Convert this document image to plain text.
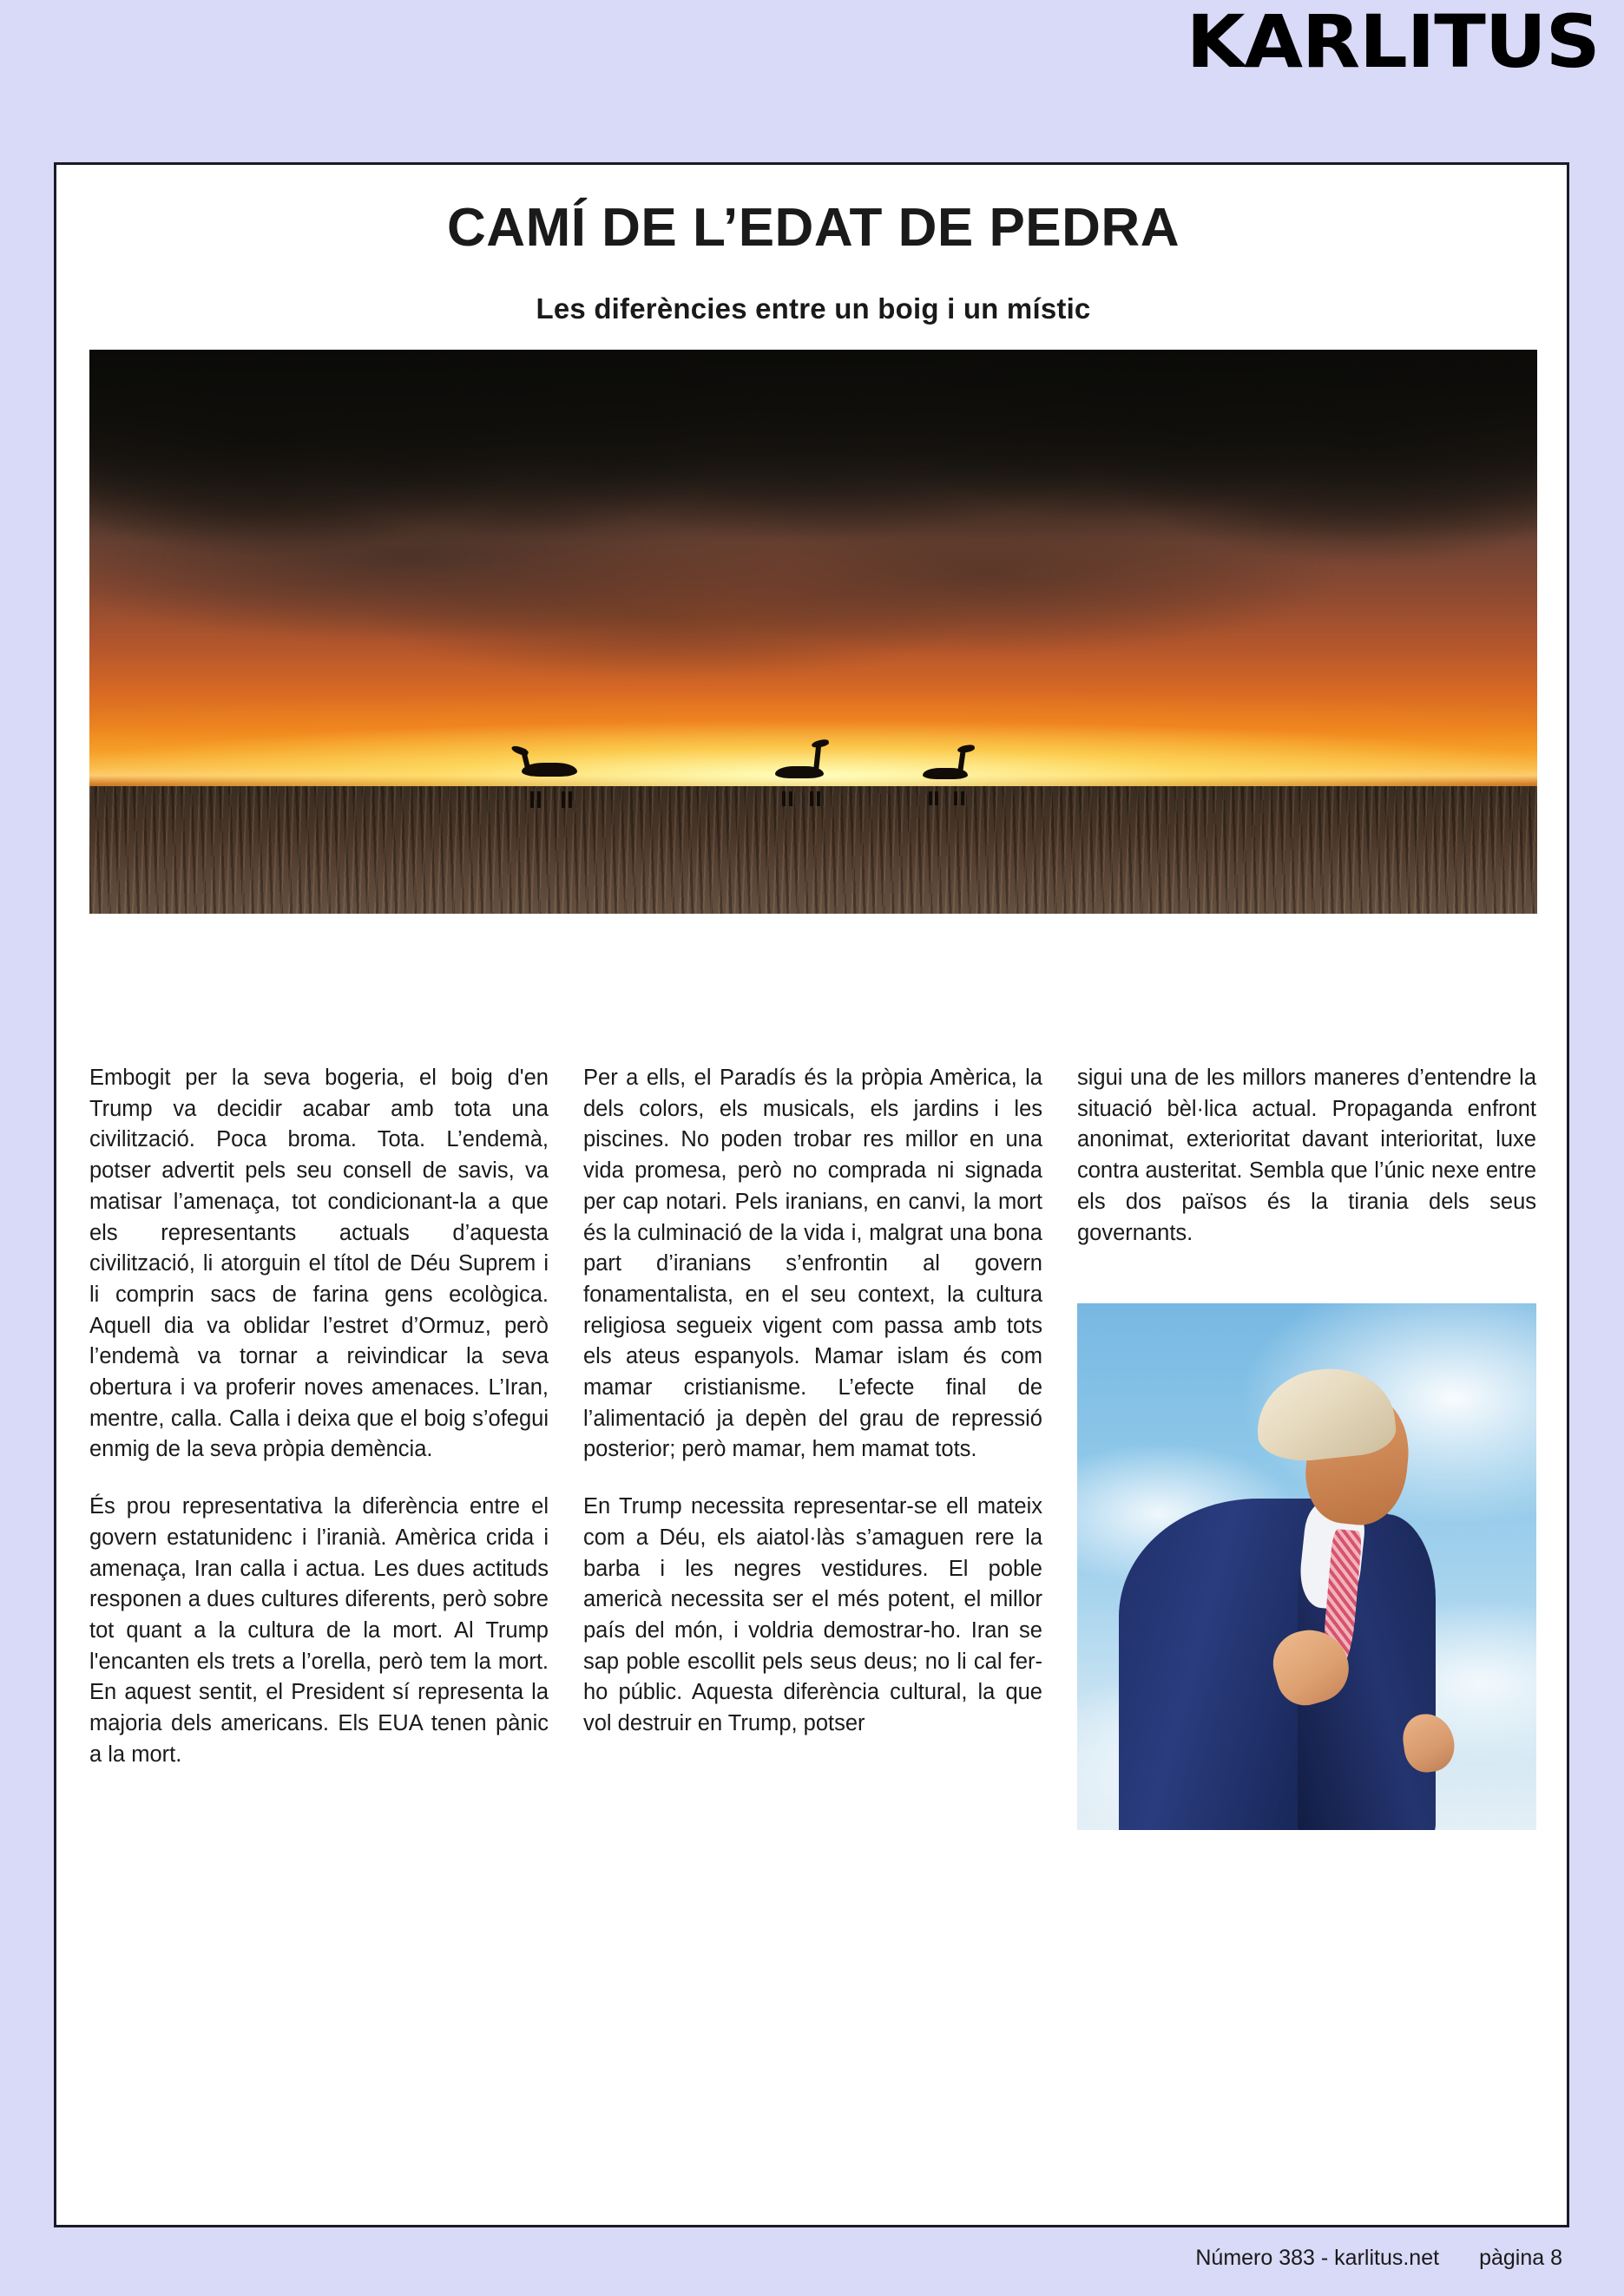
KARLITUS
CAMÍ DE L’EDAT DE PEDRA
Les diferències entre un boig i un místic

Embogit per la seva bogeria, el boig d'en Trump va decidir acabar amb tota una civilització. Poca broma. Tota. L’endemà, potser advertit pels seu consell de savis, va matisar l’amenaça, tot condicionant-la a que els representants actuals d’aquesta civilització, li atorguin el títol de Déu Suprem i li comprin sacs de farina gens ecològica. Aquell dia va oblidar l’estret d’Ormuz, però l’endemà va tornar a reivindicar la seva obertura i va proferir noves amenaces. L’Iran, mentre, calla. Calla i deixa que el boig s’ofegui enmig de la seva pròpia demència.

És prou representativa la diferència entre el govern estatunidenc i l’iranià. Amèrica crida i amenaça, Iran calla i actua. Les dues actituds responen a dues cultures diferents, però sobre tot quant a la cultura de la mort. Al Trump l'encanten els trets a l’orella, però tem la mort. En aquest sentit, el President sí representa la majoria dels americans. Els EUA tenen pànic a la mort.

Per a ells, el Paradís és la pròpia Amèrica, la dels colors, els musicals, els jardins i les piscines. No poden trobar res millor en una vida promesa, però no comprada ni signada per cap notari. Pels iranians, en canvi, la mort és la culminació de la vida i, malgrat una bona part d’iranians s’enfrontin al govern fonamentalista, en el seu context, la cultura religiosa segueix vigent com passa amb tots els ateus espanyols. Mamar islam és com mamar cristianisme. L’efecte final de l’alimentació ja depèn del grau de repressió posterior; però mamar, hem mamat tots.

En Trump necessita representar-se ell mateix com a Déu, els aiatol·làs s’amaguen rere la barba i les negres vestidures. El poble americà necessita ser el més potent, el millor país del món, i voldria demostrar-ho. Iran se sap poble escollit pels seus deus; no li cal fer-ho públic. Aquesta diferència cultural, la que vol destruir en Trump, potser

sigui una de les millors maneres d’entendre la situació bèl·lica actual. Propaganda enfront anonimat, exterioritat davant interioritat, luxe contra austeritat. Sembla que l’únic nexe entre els dos països és la tirania dels seus governants.

Número 383 - karlitus.net pàgina 8
